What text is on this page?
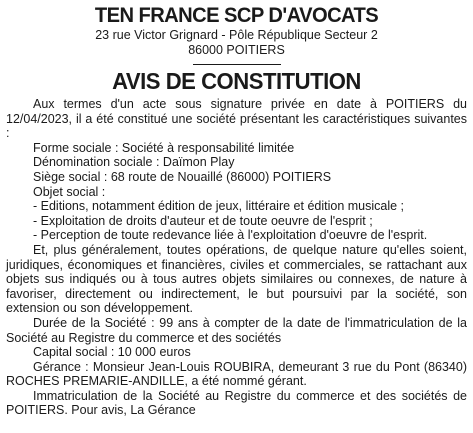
TEN FRANCE SCP D'AVOCATS
23 rue Victor Grignard - Pôle République Secteur 2
86000 POITIERS
AVIS DE CONSTITUTION

Aux termes d'un acte sous signature privée en date à POITIERS du 12/04/2023, il a été constitué une société présentant les caractéristiques suivantes :

Forme sociale : Société à responsabilité limitée

Dénomination sociale : Daïmon Play

Siège social : 68 route de Nouaillé (86000) POITIERS

Objet social :

- Editions, notamment édition de jeux, littéraire et édition musicale ;

- Exploitation de droits d'auteur et de toute oeuvre de l'esprit ;

- Perception de toute redevance liée à l'exploitation d'oeuvre de l'esprit.

Et, plus généralement, toutes opérations, de quelque nature qu'elles soient, juridiques, économiques et financières, civiles et commerciales, se rattachant aux objets sus indiqués ou à tous autres objets similaires ou connexes, de nature à favoriser, directement ou indirectement, le but poursuivi par la société, son extension ou son développement.

Durée de la Société : 99 ans à compter de la date de l'immatriculation de la Société au Registre du commerce et des sociétés

Capital social : 10 000 euros

Gérance : Monsieur Jean-Louis ROUBIRA, demeurant 3 rue du Pont (86340) ROCHES PREMARIE-ANDILLE, a été nommé gérant.

Immatriculation de la Société au Registre du commerce et des sociétés de POITIERS. Pour avis, La Gérance
